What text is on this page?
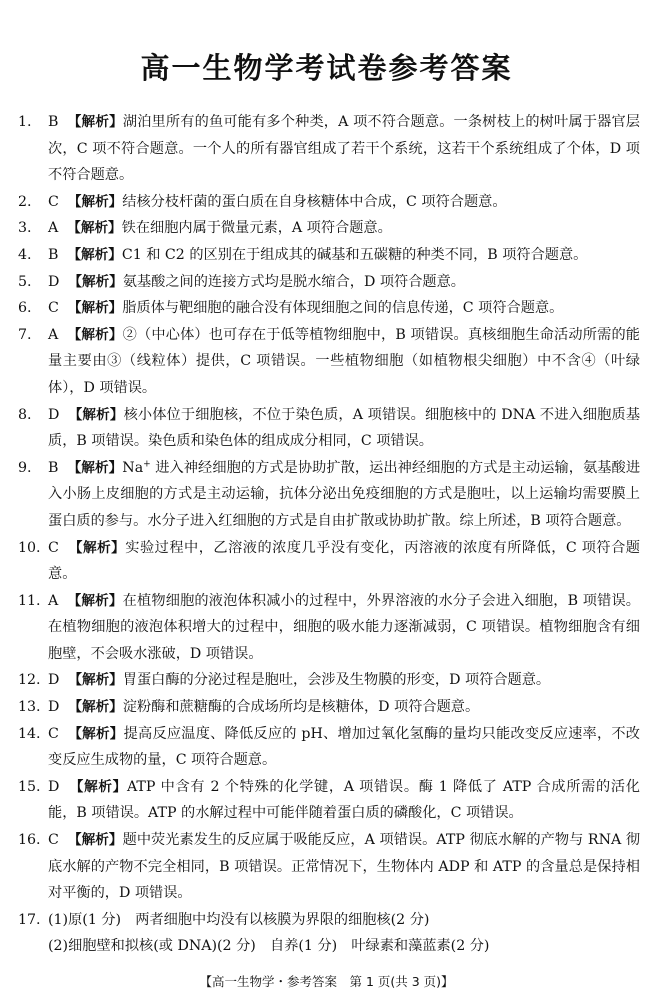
高一生物学考试卷参考答案
1. B 【解析】湖泊里所有的鱼可能有多个种类，A 项不符合题意。一条树枝上的树叶属于器官层次，C 项不符合题意。一个人的所有器官组成了若干个系统，这若干个系统组成了个体，D 项不符合题意。
2. C 【解析】结核分枝杆菌的蛋白质在自身核糖体中合成，C 项符合题意。
3. A 【解析】铁在细胞内属于微量元素，A 项符合题意。
4. B 【解析】C1 和 C2 的区别在于组成其的碱基和五碳糖的种类不同，B 项符合题意。
5. D 【解析】氨基酸之间的连接方式均是脱水缩合，D 项符合题意。
6. C 【解析】脂质体与靶细胞的融合没有体现细胞之间的信息传递，C 项符合题意。
7. A 【解析】②（中心体）也可存在于低等植物细胞中，B 项错误。真核细胞生命活动所需的能量主要由③（线粒体）提供，C 项错误。一些植物细胞（如植物根尖细胞）中不含④（叶绿体），D 项错误。
8. D 【解析】核小体位于细胞核，不位于染色质，A 项错误。细胞核中的 DNA 不进入细胞质基质，B 项错误。染色质和染色体的组成成分相同，C 项错误。
9. B 【解析】Na+ 进入神经细胞的方式是协助扩散，运出神经细胞的方式是主动运输，氨基酸进入小肠上皮细胞的方式是主动运输，抗体分泌出免疫细胞的方式是胞吐，以上运输均需要膜上蛋白质的参与。水分子进入红细胞的方式是自由扩散或协助扩散。综上所述，B 项符合题意。
10. C 【解析】实验过程中，乙溶液的浓度几乎没有变化，丙溶液的浓度有所降低，C 项符合题意。
11. A 【解析】在植物细胞的液泡体积减小的过程中，外界溶液的水分子会进入细胞，B 项错误。在植物细胞的液泡体积增大的过程中，细胞的吸水能力逐渐减弱，C 项错误。植物细胞含有细胞壁，不会吸水涨破，D 项错误。
12. D 【解析】胃蛋白酶的分泌过程是胞吐，会涉及生物膜的形变，D 项符合题意。
13. D 【解析】淀粉酶和蔗糖酶的合成场所均是核糖体，D 项符合题意。
14. C 【解析】提高反应温度、降低反应的 pH、增加过氧化氢酶的量均只能改变反应速率，不改变反应生成物的量，C 项符合题意。
15. D 【解析】ATP 中含有 2 个特殊的化学键，A 项错误。酶 1 降低了 ATP 合成所需的活化能，B 项错误。ATP 的水解过程中可能伴随着蛋白质的磷酸化，C 项错误。
16. C 【解析】题中荧光素发生的反应属于吸能反应，A 项错误。ATP 彻底水解的产物与 RNA 彻底水解的产物不完全相同，B 项错误。正常情况下，生物体内 ADP 和 ATP 的含量总是保持相对平衡的，D 项错误。
17. (1)原(1 分)　两者细胞中均没有以核膜为界限的细胞核(2 分)
(2)细胞壁和拟核(或 DNA)(2 分)　自养(1 分)　叶绿素和藻蓝素(2 分)
【高一生物学・参考答案　第 1 页(共 3 页)】
